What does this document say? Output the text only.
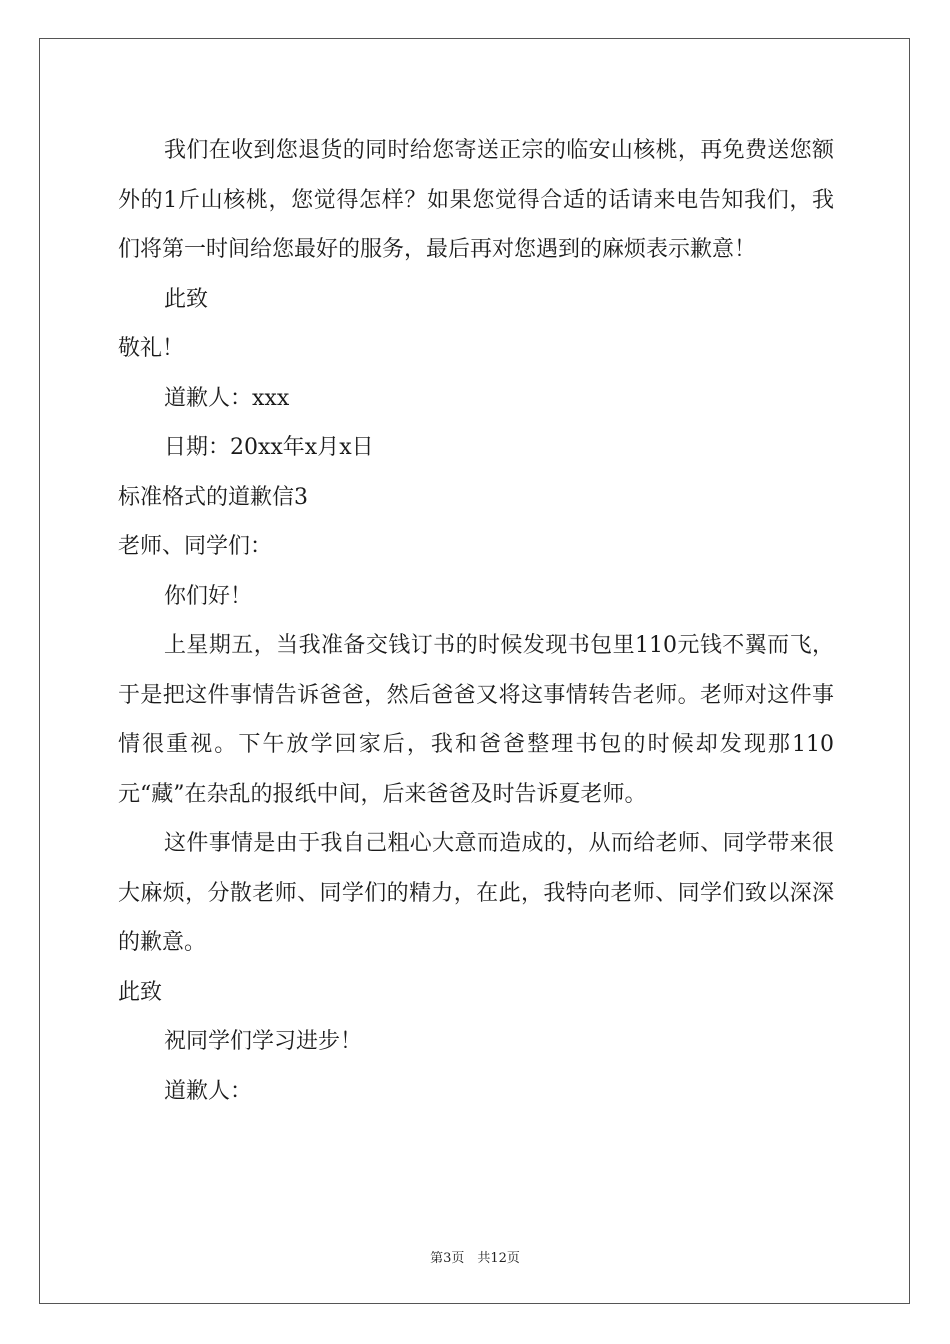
我们在收到您退货的同时给您寄送正宗的临安山核桃，再免费送您额外的1斤山核桃，您觉得怎样？如果您觉得合适的话请来电告知我们，我们将第一时间给您最好的服务，最后再对您遇到的麻烦表示歉意！

此致

敬礼！

道歉人：xxx

日期：20xx年x月x日

标准格式的道歉信3

老师、同学们：

你们好！

上星期五，当我准备交钱订书的时候发现书包里110元钱不翼而飞，于是把这件事情告诉爸爸，然后爸爸又将这事情转告老师。老师对这件事情很重视。下午放学回家后，我和爸爸整理书包的时候却发现那110元“藏”在杂乱的报纸中间，后来爸爸及时告诉夏老师。

这件事情是由于我自己粗心大意而造成的，从而给老师、同学带来很大麻烦，分散老师、同学们的精力，在此，我特向老师、同学们致以深深的歉意。

此致

祝同学们学习进步！

道歉人：

第3页　共12页
